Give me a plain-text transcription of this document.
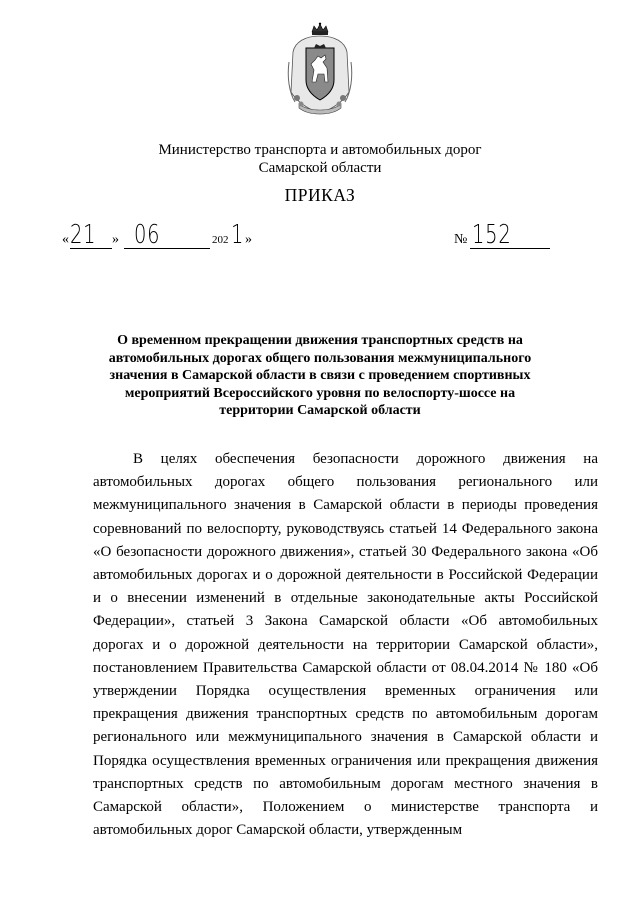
Министерство транспорта и автомобильных дорог
Самарской области
ПРИКАЗ
« 21 » 06	202 1 »	№ 152
О временном прекращении движения транспортных средств на
автомобильных дорогах общего пользования межмуниципального
значения в Самарской области в связи с проведением спортивных
мероприятий Всероссийского уровня по велоспорту-шоссе на
территории Самарской области

В целях обеспечения безопасности дорожного движения на автомобильных дорогах общего пользования регионального или межмуниципального значения в Самарской области в периоды проведения соревнований по велоспорту, руководствуясь статьей 14 Федерального закона «О безопасности дорожного движения», статьей 30 Федерального закона «Об автомобильных дорогах и о дорожной деятельности в Российской Федерации и о внесении изменений в отдельные законодательные акты Российской Федерации», статьей 3 Закона Самарской области «Об автомобильных дорогах и о дорожной деятельности на территории Самарской области», постановлением Правительства Самарской области от 08.04.2014 № 180 «Об утверждении Порядка осуществления временных ограничения или прекращения движения транспортных средств по автомобильным дорогам регионального или межмуниципального значения в Самарской области и Порядка осуществления временных ограничения или прекращения движения транспортных средств по автомобильным дорогам местного значения в Самарской области», Положением о министерстве транспорта и автомобильных дорог Самарской области, утвержденным
